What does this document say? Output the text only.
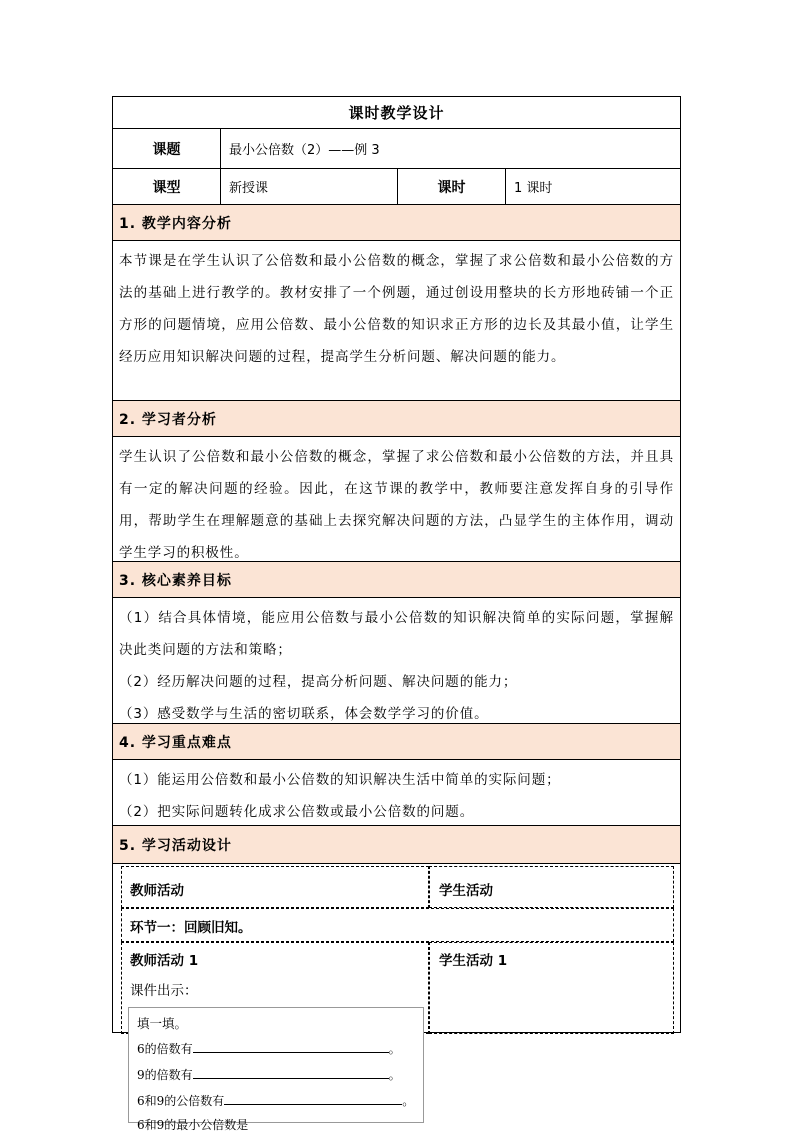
课时教学设计
课题	最小公倍数（2）——例 3
课型	新授课	课时	1 课时
1. 教学内容分析

本节课是在学生认识了公倍数和最小公倍数的概念，掌握了求公倍数和最小公倍数的方法的基础上进行教学的。教材安排了一个例题，通过创设用整块的长方形地砖铺一个正方形的问题情境，应用公倍数、最小公倍数的知识求正方形的边长及其最小值，让学生经历应用知识解决问题的过程，提高学生分析问题、解决问题的能力。

2. 学习者分析

学生认识了公倍数和最小公倍数的概念，掌握了求公倍数和最小公倍数的方法，并且具有一定的解决问题的经验。因此，在这节课的教学中，教师要注意发挥自身的引导作用，帮助学生在理解题意的基础上去探究解决问题的方法，凸显学生的主体作用，调动学生学习的积极性。

3. 核心素养目标

（1）结合具体情境，能应用公倍数与最小公倍数的知识解决简单的实际问题，掌握解决此类问题的方法和策略；

（2）经历解决问题的过程，提高分析问题、解决问题的能力；

（3）感受数学与生活的密切联系，体会数学学习的价值。

4. 学习重点难点

（1）能运用公倍数和最小公倍数的知识解决生活中简单的实际问题；

（2）把实际问题转化成求公倍数或最小公倍数的问题。

5. 学习活动设计
教师活动	学生活动
环节一：回顾旧知。
教师活动 1
课件出示：
学生活动 1
填一填。
6的倍数有	。
9的倍数有	。
6和9的公倍数有	。
6和9的最小公倍数是
